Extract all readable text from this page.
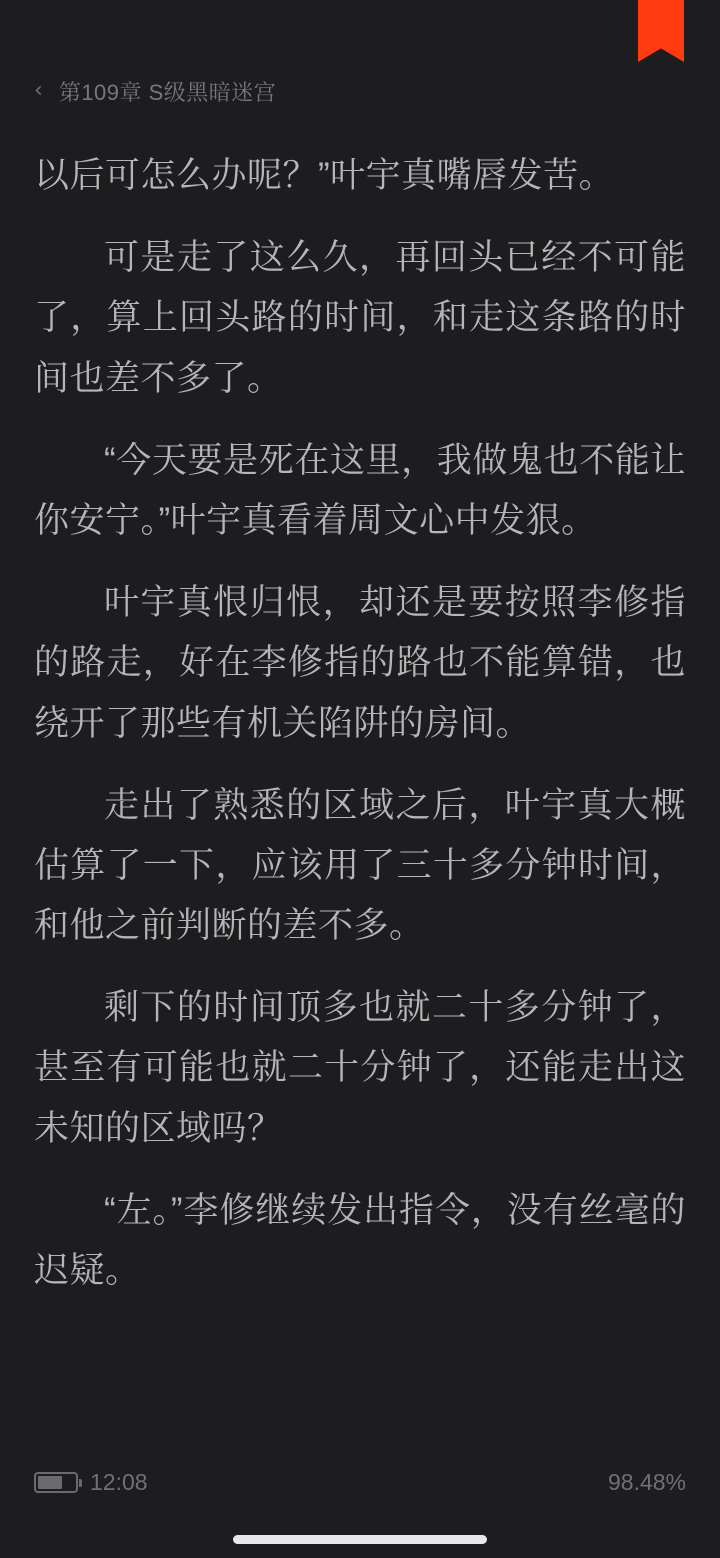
‹ 第109章 S级黑暗迷宫

以后可怎么办呢？”叶宇真嘴唇发苦。

可是走了这么久，再回头已经不可能了，算上回头路的时间，和走这条路的时间也差不多了。

“今天要是死在这里，我做鬼也不能让你安宁。”叶宇真看着周文心中发狠。

叶宇真恨归恨，却还是要按照李修指的路走，好在李修指的路也不能算错，也绕开了那些有机关陷阱的房间。

走出了熟悉的区域之后，叶宇真大概估算了一下，应该用了三十多分钟时间，和他之前判断的差不多。

剩下的时间顶多也就二十多分钟了，甚至有可能也就二十分钟了，还能走出这未知的区域吗？

“左。”李修继续发出指令，没有丝毫的迟疑。

12:08	98.48%
